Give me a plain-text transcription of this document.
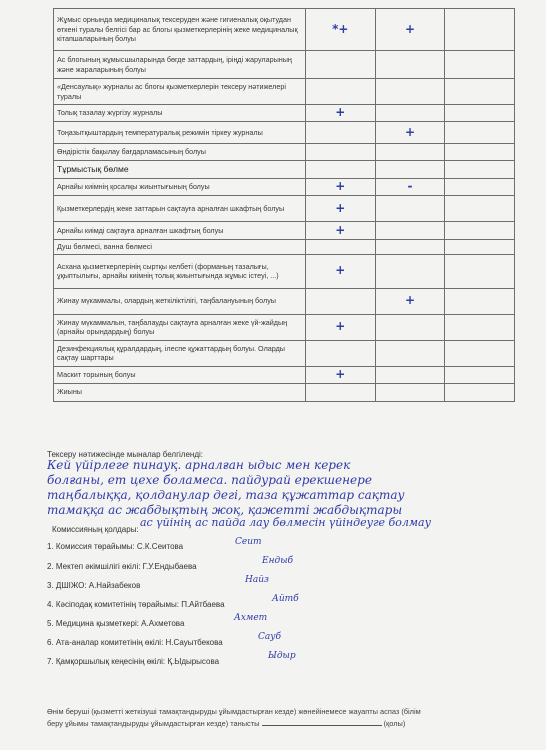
Жұмыс орнында медициналық тексеруден және гигиеналық оқытудан өткені туралы белгісі бар ас блогы қызметкерлерінің жеке медициналық кітапшаларының болуы	*+	+	
Ас блогының жұмысшыларында бөгде заттардың, іріңді жаруларының және жараларының болуы			
«Денсаулық» журналы ас блогы қызметкерлерін тексеру нәтижелері туралы			
Толық тазалау жүргізу журналы	+		
Тоңазытқыштардың температуралық режимін тіркеу журналы		+	
Өндірістік бақылау бағдарламасының болуы			
Тұрмыстық бөлме			
Арнайы киімнің қосалқы жиынтығының болуы	+	-	
Қызметкерлердің жеке заттарын сақтауға арналған шкафтың болуы	+		
Арнайы киімді сақтауға арналған шкафтың болуы	+		
Душ бөлмесі, ванна бөлмесі			
Асхана қызметкерлерінің сыртқы келбеті (форманың тазалығы, ұқыптылығы, арнайы киімнің толық жиынтығында жұмыс істеуі, ...)	+		
Жинау мүкаммалы, олардың жеткіліктілігі, таңбалануының болуы		+	
Жинау мүкаммалын, таңбалауды сақтауға арналған жеке үй-жайдың (арнайы орындардың) болуы	+		
Дезинфекциялық құралдардың, ілеспе құжаттардың болуы. Оларды сақтау шарттары			
Маскит торының болуы	+		
Жиыны			
Тексеру нәтижесінде мыналар белгіленді:
Кей үйірлеге пинауқ. арналған ыдыс мен керек
болғаны, ет цехе боламеса. пайдурай ерекшенере
таңбалыққа, қолданулар дегі, таза құжаттар сақтау
тамаққа ас жабдықтың жоқ, қажетті жабдықтары
ас үйінің ас пайда лау бөлмесін үйіндеуге болмау
Комиссияның қолдары:
1. Комиссия төрайымы: С.К.Сеитова
2. Мектеп әкімшілігі өкілі: Г.У.Ендыбаева
3. ДШІЖО: А.Найзабеков
4. Кәсіподақ комитетінің төрайымы: П.Айтбаева
5. Медицина қызметкері: А.Ахметова
6. Ата-аналар комитетінің өкілі: Н.Сауытбекова
7. Қамқоршылық кеңесінің өкілі: Қ.Ыдырысова
Сеит
Ендыб
Найз
Айтб
Ахмет
Сауб
Ыдыр
Өнім беруші (қызметті жеткізуші тамақтандыруды ұйымдастырған кезде) жөнейінемесе жауапты аспаз (білім
беру ұйымы тамақтандыруды ұйымдастырған кезде) танысты	(қолы)
